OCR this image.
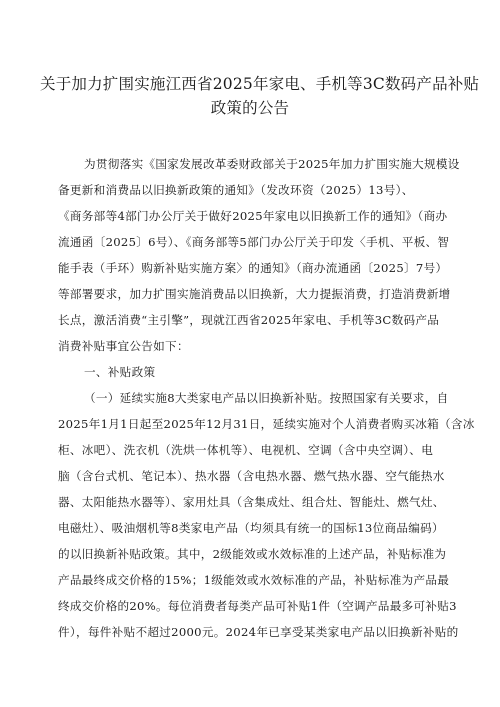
关于加力扩围实施江西省2025年家电、手机等3C数码产品补贴
政策的公告
为贯彻落实《国家发展改革委财政部关于2025年加力扩围实施大规模设
备更新和消费品以旧换新政策的通知》（发改环资（2025）13号）、
《商务部等4部门办公厅关于做好2025年家电以旧换新工作的通知》（商办
流通函〔2025〕6号）、《商务部等5部门办公厅关于印发〈手机、平板、智
能手表（手环）购新补贴实施方案〉的通知》（商办流通函〔2025〕7号）
等部署要求，加力扩围实施消费品以旧换新，大力提振消费，打造消费新增
长点，激活消费“主引擎”，现就江西省2025年家电、手机等3C数码产品
消费补贴事宜公告如下：
一、补贴政策
（一）延续实施8大类家电产品以旧换新补贴。按照国家有关要求，自
2025年1月1日起至2025年12月31日，延续实施对个人消费者购买冰箱（含冰
柜、冰吧）、洗衣机（洗烘一体机等）、电视机、空调（含中央空调）、电
脑（含台式机、笔记本）、热水器（含电热水器、燃气热水器、空气能热水
器、太阳能热水器等）、家用灶具（含集成灶、组合灶、智能灶、燃气灶、
电磁灶）、吸油烟机等8类家电产品（均须具有统一的国标13位商品编码）
的以旧换新补贴政策。其中，2级能效或水效标准的上述产品，补贴标准为
产品最终成交价格的15%；1级能效或水效标准的产品，补贴标准为产品最
终成交价格的20%。每位消费者每类产品可补贴1件（空调产品最多可补贴3
件），每件补贴不超过2000元。2024年已享受某类家电产品以旧换新补贴的
